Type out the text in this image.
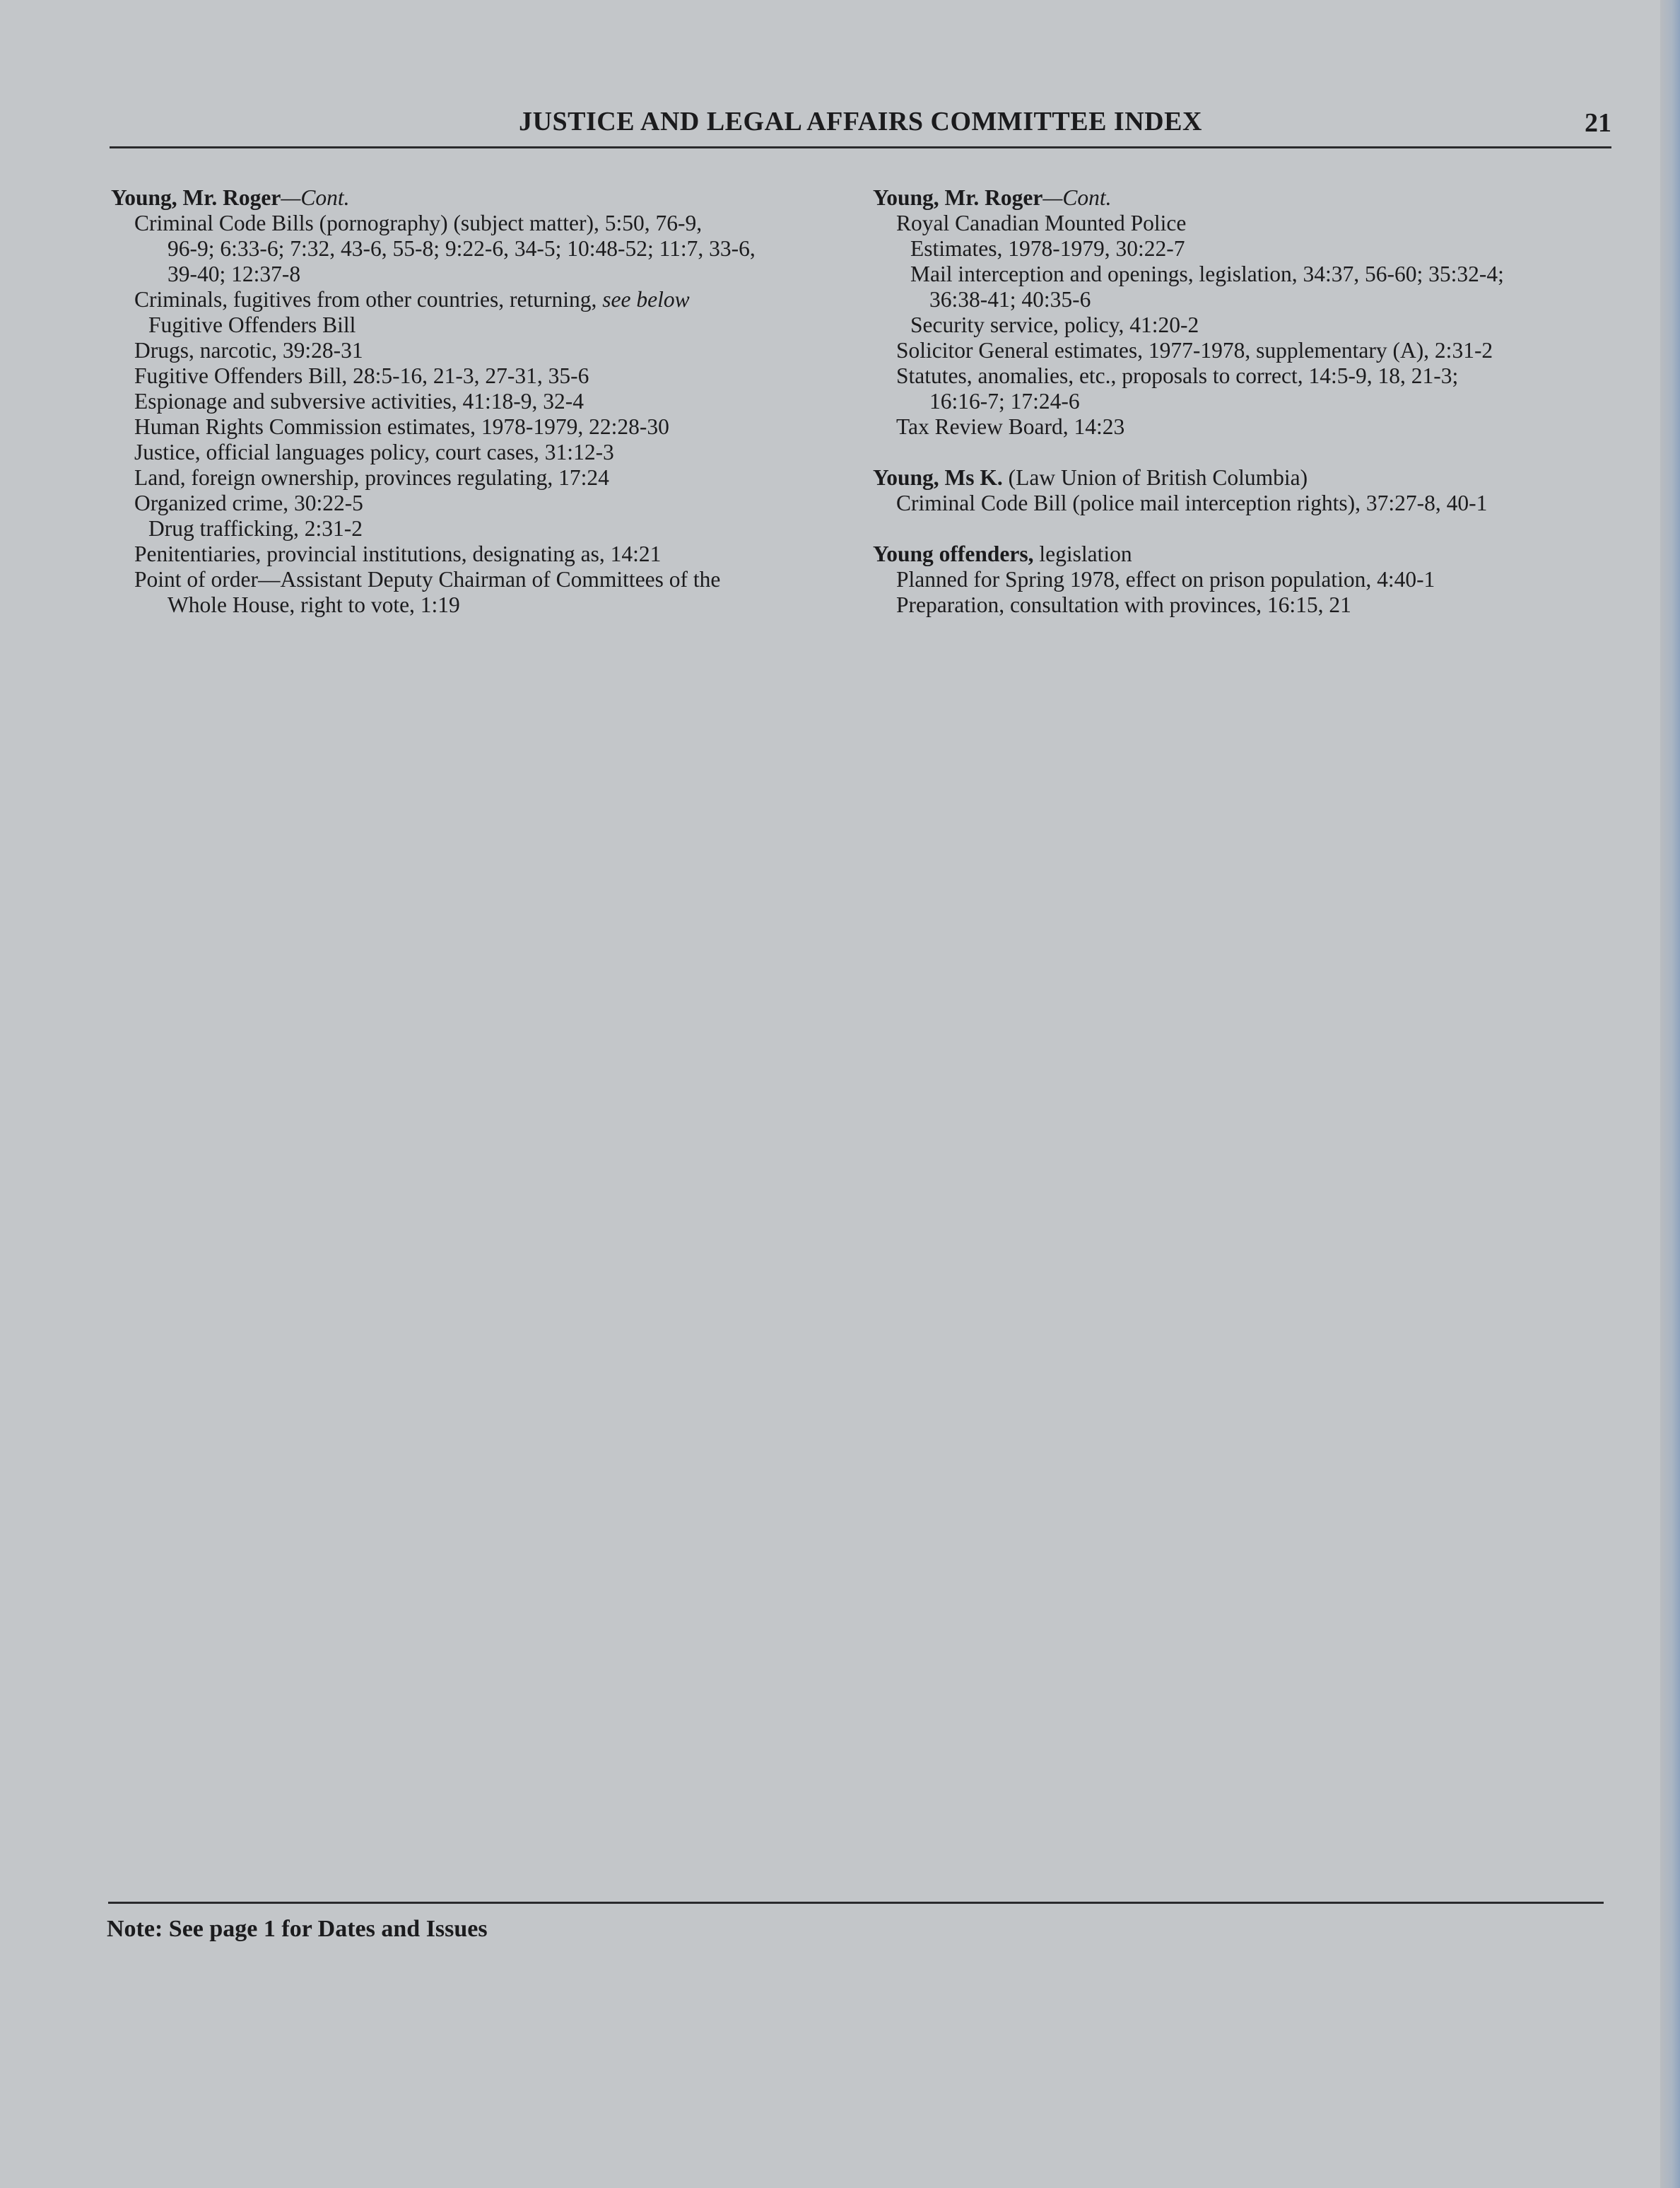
JUSTICE AND LEGAL AFFAIRS COMMITTEE INDEX	21
Young, Mr. Roger—Cont.
Criminal Code Bills (pornography) (subject matter), 5:50, 76-9,
96-9; 6:33-6; 7:32, 43-6, 55-8; 9:22-6, 34-5; 10:48-52; 11:7, 33-6,
39-40; 12:37-8
Criminals, fugitives from other countries, returning, see below
Fugitive Offenders Bill
Drugs, narcotic, 39:28-31
Fugitive Offenders Bill, 28:5-16, 21-3, 27-31, 35-6
Espionage and subversive activities, 41:18-9, 32-4
Human Rights Commission estimates, 1978-1979, 22:28-30
Justice, official languages policy, court cases, 31:12-3
Land, foreign ownership, provinces regulating, 17:24
Organized crime, 30:22-5
Drug trafficking, 2:31-2
Penitentiaries, provincial institutions, designating as, 14:21
Point of order—Assistant Deputy Chairman of Committees of the
Whole House, right to vote, 1:19
Young, Mr. Roger—Cont.
Royal Canadian Mounted Police
Estimates, 1978-1979, 30:22-7
Mail interception and openings, legislation, 34:37, 56-60; 35:32-4;
36:38-41; 40:35-6
Security service, policy, 41:20-2
Solicitor General estimates, 1977-1978, supplementary (A), 2:31-2
Statutes, anomalies, etc., proposals to correct, 14:5-9, 18, 21-3;
16:16-7; 17:24-6
Tax Review Board, 14:23
Young, Ms K. (Law Union of British Columbia)
Criminal Code Bill (police mail interception rights), 37:27-8, 40-1
Young offenders, legislation
Planned for Spring 1978, effect on prison population, 4:40-1
Preparation, consultation with provinces, 16:15, 21
Note: See page 1 for Dates and Issues
